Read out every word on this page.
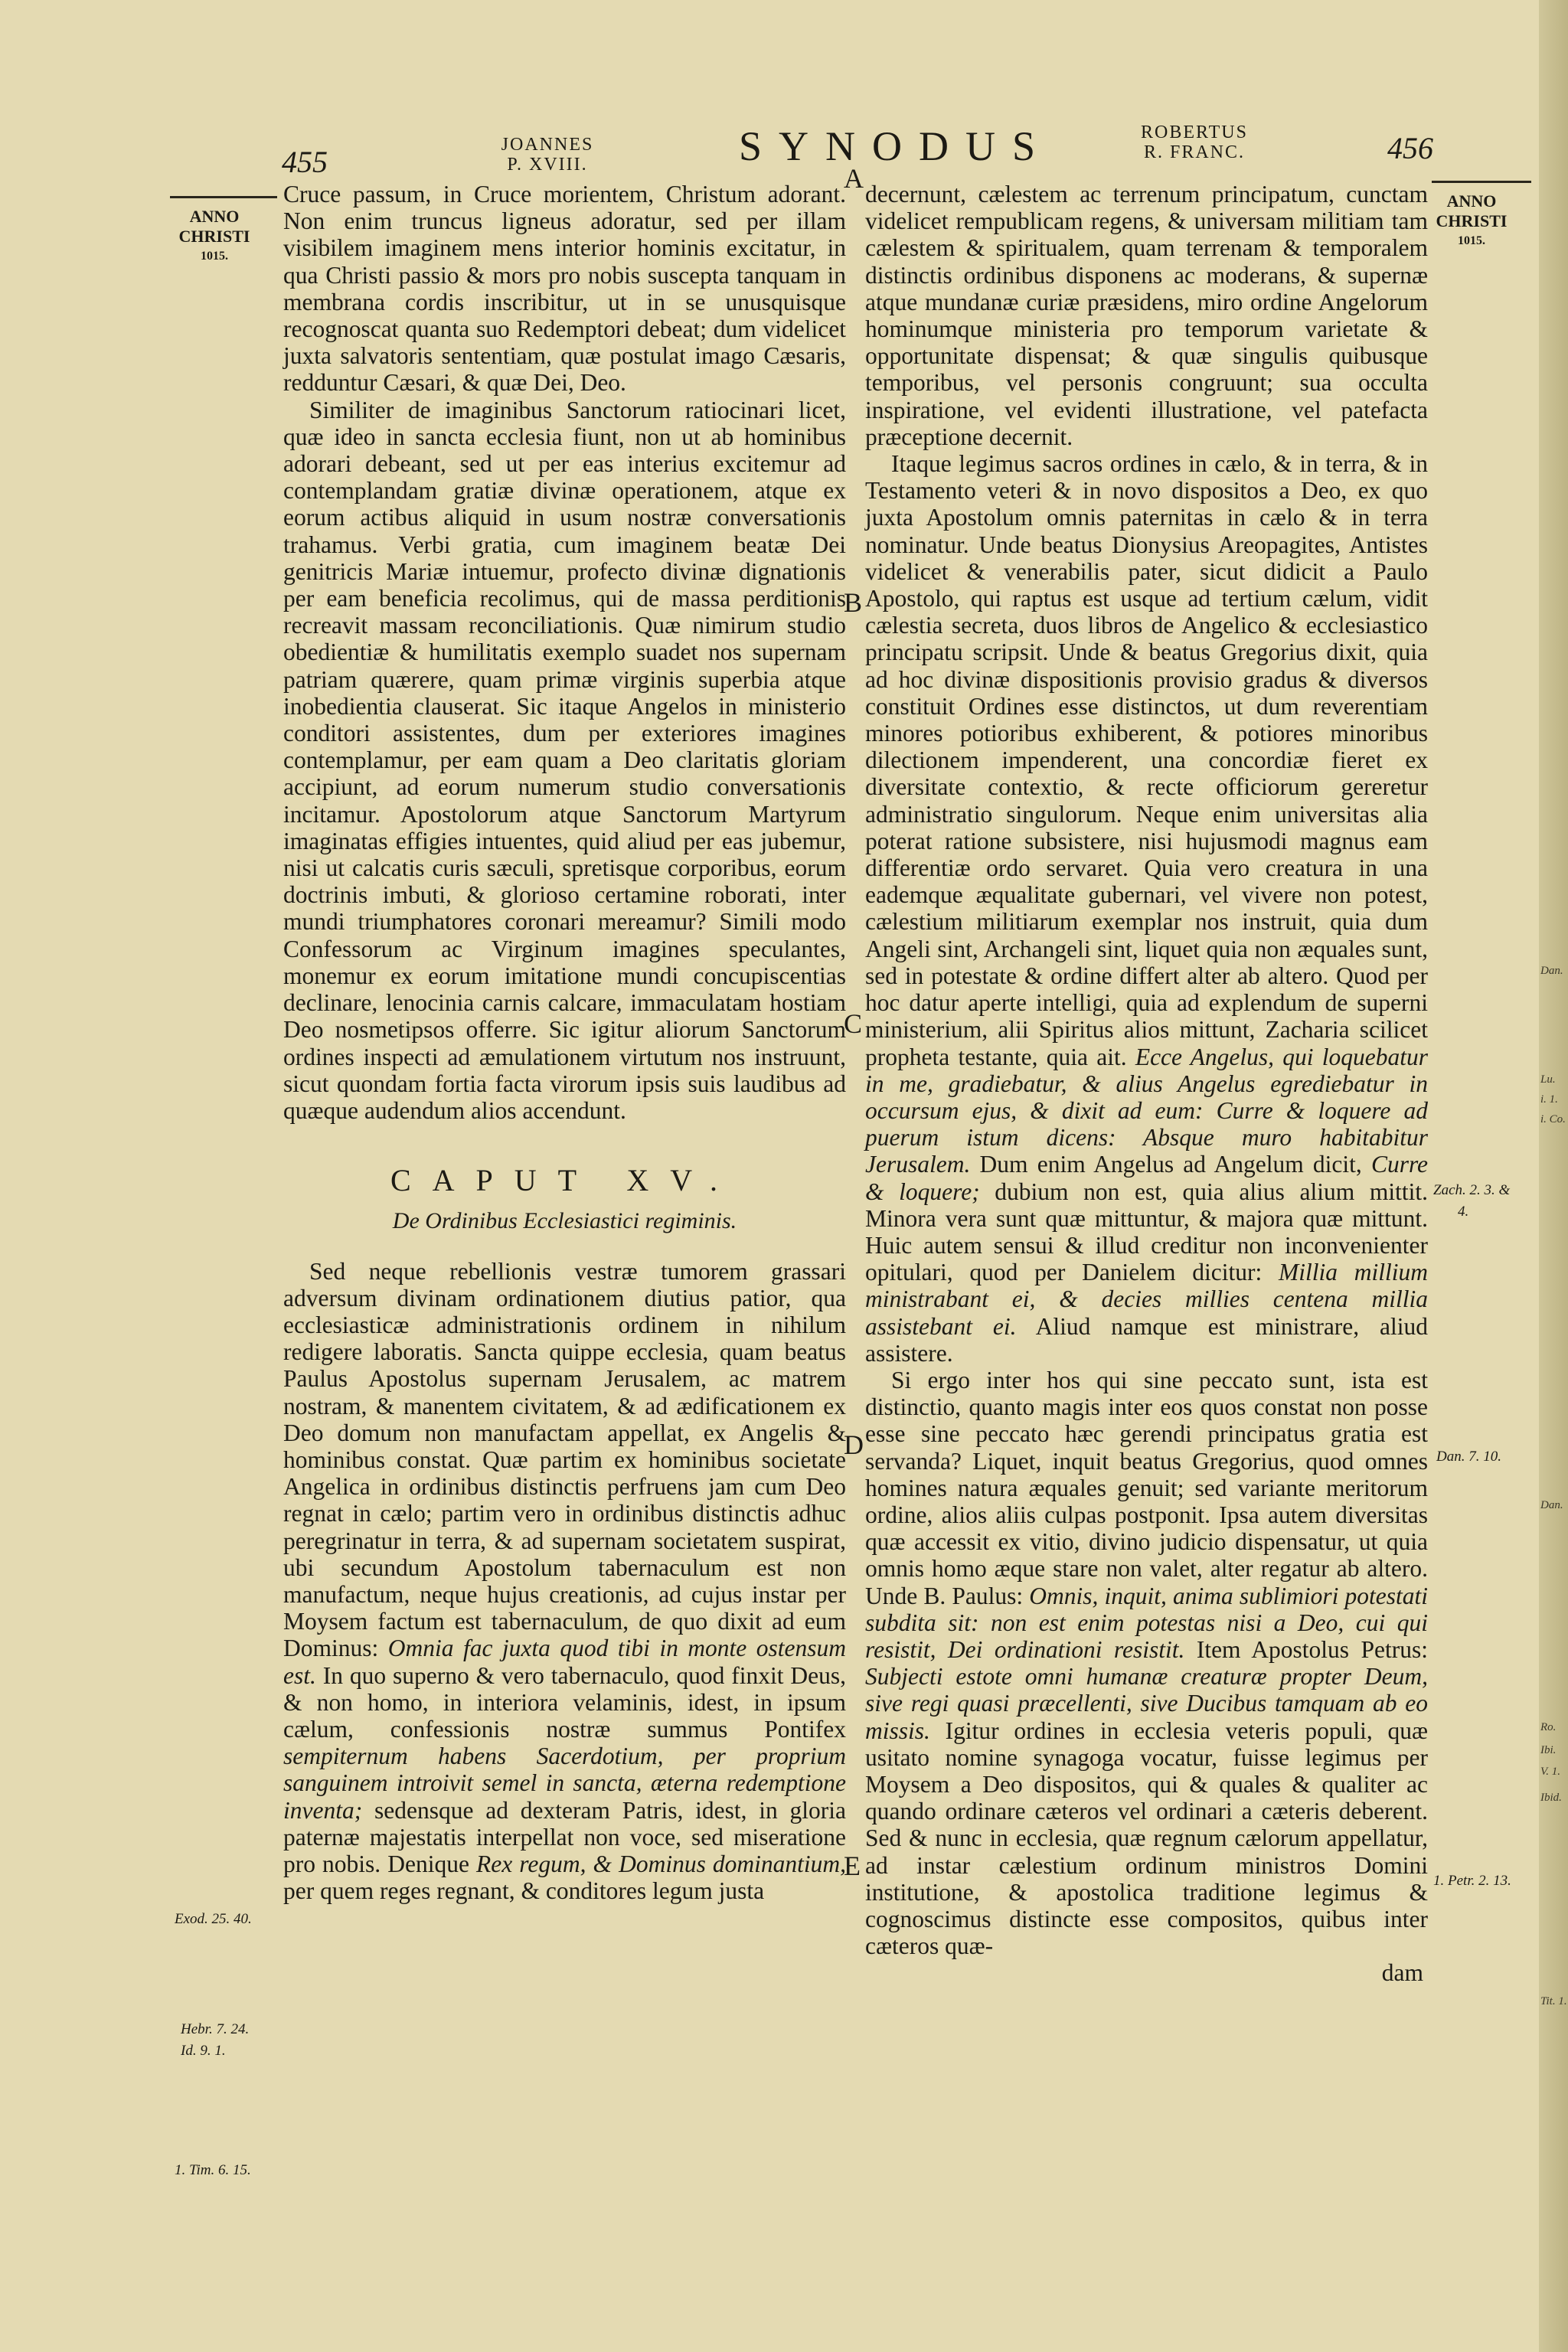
455	JOANNES
P. XVIII.	SYNODUS	ROBERTUS
R. FRANC.	456
ANNO
CHRISTI
1015.
ANNO
CHRISTI
1015.
A
B
C
D
E
Exod. 25. 40.
Hebr. 7. 24.
Id. 9. 1.
1. Tim. 6. 15.
Zach. 2. 3. &
4.
Dan. 7. 10.
1. Petr. 2. 13.
Dan.
Lu.
i. 1.
i. Co.
Dan.
Ro.
Ibi.
V. 1.
Ibid.
Tit. 1.

Cruce passum, in Cruce morientem, Christum adorant. Non enim truncus ligneus adoratur, sed per illam visibilem imaginem mens interior hominis excitatur, in qua Christi passio & mors pro nobis suscepta tanquam in membrana cordis inscribitur, ut in se unusquisque recognoscat quanta suo Redemptori debeat; dum videlicet juxta salvatoris sententiam, quæ postulat imago Cæsaris, redduntur Cæsari, & quæ Dei, Deo.

Similiter de imaginibus Sanctorum ratiocinari licet, quæ ideo in sancta ecclesia fiunt, non ut ab hominibus adorari debeant, sed ut per eas interius excitemur ad contemplandam gratiæ divinæ operationem, atque ex eorum actibus aliquid in usum nostræ conversationis trahamus. Verbi gratia, cum imaginem beatæ Dei genitricis Mariæ intuemur, profecto divinæ dignationis per eam beneficia recolimus, qui de massa perditionis recreavit massam reconciliationis. Quæ nimirum studio obedientiæ & humilitatis exemplo suadet nos supernam patriam quærere, quam primæ virginis superbia atque inobedientia clauserat. Sic itaque Angelos in ministerio conditori assistentes, dum per exteriores imagines contemplamur, per eam quam a Deo claritatis gloriam accipiunt, ad eorum numerum studio conversationis incitamur. Apostolorum atque Sanctorum Martyrum imaginatas effigies intuentes, quid aliud per eas jubemur, nisi ut calcatis curis sæculi, spretisque corporibus, eorum doctrinis imbuti, & glorioso certamine roborati, inter mundi triumphatores coronari mereamur? Simili modo Confessorum ac Virginum imagines speculantes, monemur ex eorum imitatione mundi concupiscentias declinare, lenocinia carnis calcare, immaculatam hostiam Deo nosmetipsos offerre. Sic igitur aliorum Sanctorum ordines inspecti ad æmulationem virtutum nos instruunt, sicut quondam fortia facta virorum ipsis suis laudibus ad quæque audendum alios accendunt.

CAPUT XV.
De Ordinibus Ecclesiastici regiminis.

Sed neque rebellionis vestræ tumorem grassari adversum divinam ordinationem diutius patior, qua ecclesiasticæ administrationis ordinem in nihilum redigere laboratis. Sancta quippe ecclesia, quam beatus Paulus Apostolus supernam Jerusalem, ac matrem nostram, & manentem civitatem, & ad ædificationem ex Deo domum non manufactam appellat, ex Angelis & hominibus constat. Quæ partim ex hominibus societate Angelica in ordinibus distinctis perfruens jam cum Deo regnat in cælo; partim vero in ordinibus distinctis adhuc peregrinatur in terra, & ad supernam societatem suspirat, ubi secundum Apostolum tabernaculum est non manufactum, neque hujus creationis, ad cujus instar per Moysem factum est tabernaculum, de quo dixit ad eum Dominus: Omnia fac juxta quod tibi in monte ostensum est. In quo superno & vero tabernaculo, quod finxit Deus, & non homo, in interiora velaminis, idest, in ipsum cælum, confessionis nostræ summus Pontifex sempiternum habens Sacerdotium, per proprium sanguinem introivit semel in sancta, æterna redemptione inventa; sedensque ad dexteram Patris, idest, in gloria paternæ majestatis interpellat non voce, sed miseratione pro nobis. Denique Rex regum, & Dominus dominantium, per quem reges regnant, & conditores legum justa

decernunt, cælestem ac terrenum principatum, cunctam videlicet rempublicam regens, & universam militiam tam cælestem & spiritualem, quam terrenam & temporalem distinctis ordinibus disponens ac moderans, & supernæ atque mundanæ curiæ præsidens, miro ordine Angelorum hominumque ministeria pro temporum varietate & opportunitate dispensat; & quæ singulis quibusque temporibus, vel personis congruunt; sua occulta inspiratione, vel evidenti illustratione, vel patefacta præceptione decernit.

Itaque legimus sacros ordines in cælo, & in terra, & in Testamento veteri & in novo dispositos a Deo, ex quo juxta Apostolum omnis paternitas in cælo & in terra nominatur. Unde beatus Dionysius Areopagites, Antistes videlicet & venerabilis pater, sicut didicit a Paulo Apostolo, qui raptus est usque ad tertium cælum, vidit cælestia secreta, duos libros de Angelico & ecclesiastico principatu scripsit. Unde & beatus Gregorius dixit, quia ad hoc divinæ dispositionis provisio gradus & diversos constituit Ordines esse distinctos, ut dum reverentiam minores potioribus exhiberent, & potiores minoribus dilectionem impenderent, una concordiæ fieret ex diversitate contextio, & recte officiorum gereretur administratio singulorum. Neque enim universitas alia poterat ratione subsistere, nisi hujusmodi magnus eam differentiæ ordo servaret. Quia vero creatura in una eademque æqualitate gubernari, vel vivere non potest, cælestium militiarum exemplar nos instruit, quia dum Angeli sint, Archangeli sint, liquet quia non æquales sunt, sed in potestate & ordine differt alter ab altero. Quod per hoc datur aperte intelligi, quia ad explendum de superni ministerium, alii Spiritus alios mittunt, Zacharia scilicet propheta testante, quia ait. Ecce Angelus, qui loquebatur in me, gradiebatur, & alius Angelus egrediebatur in occursum ejus, & dixit ad eum: Curre & loquere ad puerum istum dicens: Absque muro habitabitur Jerusalem. Dum enim Angelus ad Angelum dicit, Curre & loquere; dubium non est, quia alius alium mittit. Minora vera sunt quæ mittuntur, & majora quæ mittunt. Huic autem sensui & illud creditur non inconvenienter opitulari, quod per Danielem dicitur: Millia millium ministrabant ei, & decies millies centena millia assistebant ei. Aliud namque est ministrare, aliud assistere.

Si ergo inter hos qui sine peccato sunt, ista est distinctio, quanto magis inter eos quos constat non posse esse sine peccato hæc gerendi principatus gratia est servanda? Liquet, inquit beatus Gregorius, quod omnes homines natura æquales genuit; sed variante meritorum ordine, alios aliis culpas postponit. Ipsa autem diversitas quæ accessit ex vitio, divino judicio dispensatur, ut quia omnis homo æque stare non valet, alter regatur ab altero. Unde B. Paulus: Omnis, inquit, anima sublimiori potestati subdita sit: non est enim potestas nisi a Deo, cui qui resistit, Dei ordinationi resistit. Item Apostolus Petrus: Subjecti estote omni humanæ creaturæ propter Deum, sive regi quasi præcellenti, sive Ducibus tamquam ab eo missis. Igitur ordines in ecclesia veteris populi, quæ usitato nomine synagoga vocatur, fuisse legimus per Moysem a Deo dispositos, qui & quales & qualiter ac quando ordinare cæteros vel ordinari a cæteris deberent. Sed & nunc in ecclesia, quæ regnum cælorum appellatur, ad instar cælestium ordinum ministros Domini institutione, & apostolica traditione legimus & cognoscimus distincte esse compositos, quibus inter cæteros quæ-

dam
